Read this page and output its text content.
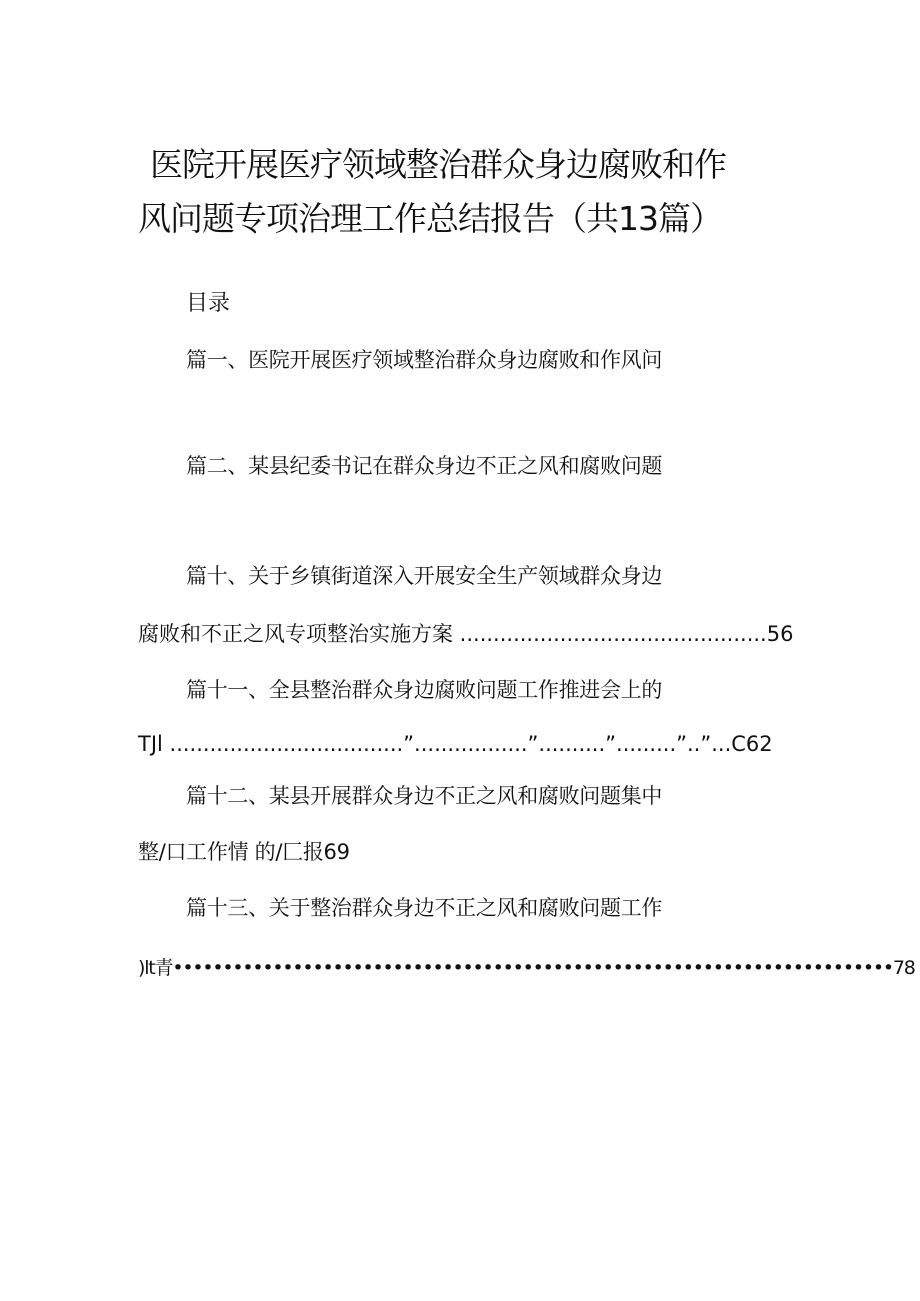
医院开展医疗领域整治群众身边腐败和作
风问题专项治理工作总结报告（共13篇）
目录
篇一、医院开展医疗领域整治群众身边腐败和作风问
篇二、某县纪委书记在群众身边不正之风和腐败问题
篇十、关于乡镇街道深入开展安全生产领域群众身边
腐败和不正之风专项整治实施方案 ..............................................56
篇十一、全县整治群众身边腐败问题工作推进会上的
TJl ...................................”.................”..........”.........”..”...C62
篇十二、某县开展群众身边不正之风和腐败问题集中
整/口工作情 的/匚报69
篇十三、关于整治群众身边不正之风和腐败问题工作
)lt青••••••••••••••••••••••••••••••••••••••••••••••••••••••••••••••••••••••••78
